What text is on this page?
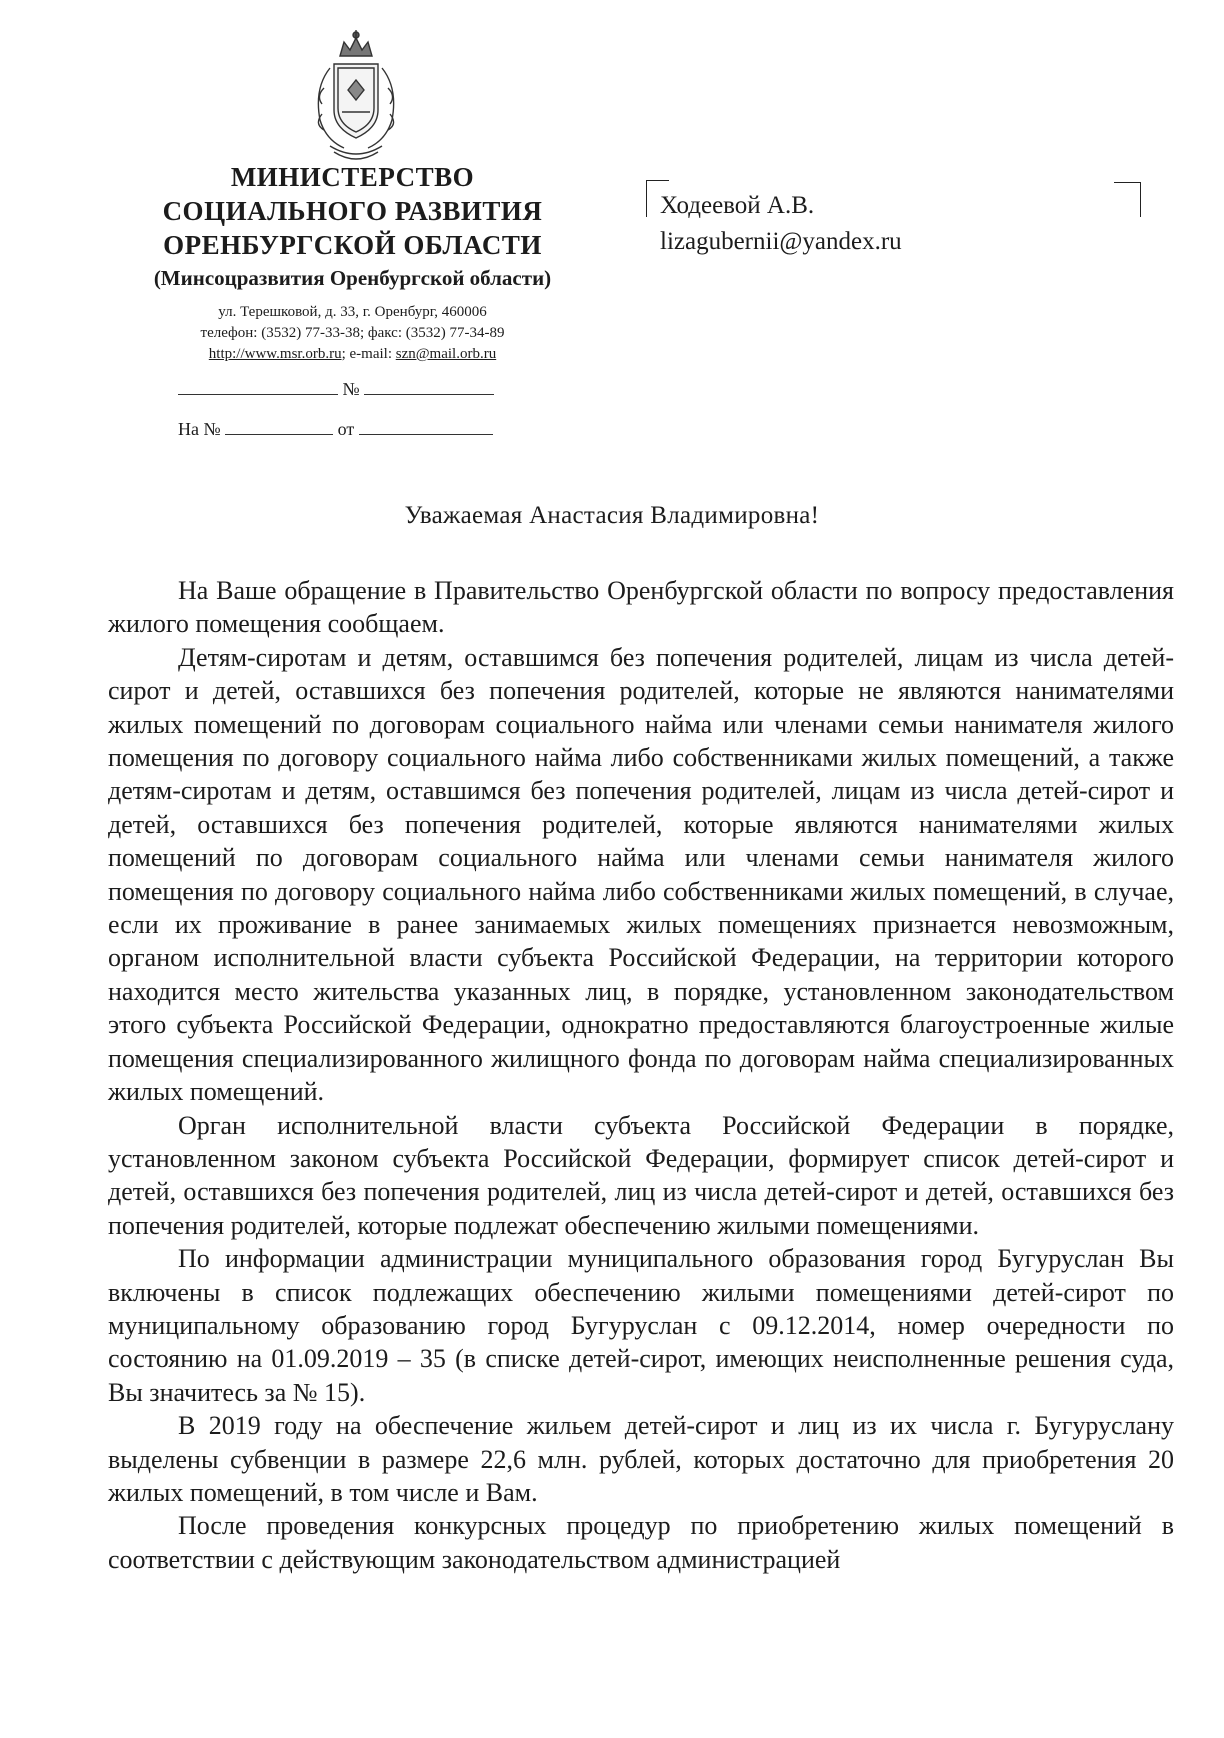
МИНИСТЕРСТВО
СОЦИАЛЬНОГО РАЗВИТИЯ
ОРЕНБУРГСКОЙ ОБЛАСТИ
(Минсоцразвития Оренбургской области)
ул. Терешковой, д. 33, г. Оренбург, 460006
телефон: (3532) 77-33-38; факс: (3532) 77-34-89
http://www.msr.orb.ru; e-mail: szn@mail.orb.ru
№
На №	от
Ходеевой А.В.
lizagubernii@yandex.ru
Уважаемая Анастасия Владимировна!

На Ваше обращение в Правительство Оренбургской области по вопросу предоставления жилого помещения сообщаем.

Детям-сиротам и детям, оставшимся без попечения родителей, лицам из числа детей-сирот и детей, оставшихся без попечения родителей, которые не являются нанимателями жилых помещений по договорам социального найма или членами семьи нанимателя жилого помещения по договору социального найма либо собственниками жилых помещений, а также детям-сиротам и детям, оставшимся без попечения родителей, лицам из числа детей-сирот и детей, оставшихся без попечения родителей, которые являются нанимателями жилых помещений по договорам социального найма или членами семьи нанимателя жилого помещения по договору социального найма либо собственниками жилых помещений, в случае, если их проживание в ранее занимаемых жилых помещениях признается невозможным, органом исполнительной власти субъекта Российской Федерации, на территории которого находится место жительства указанных лиц, в порядке, установленном законодательством этого субъекта Российской Федерации, однократно предоставляются благоустроенные жилые помещения специализированного жилищного фонда по договорам найма специализированных жилых помещений.

Орган исполнительной власти субъекта Российской Федерации в порядке, установленном законом субъекта Российской Федерации, формирует список детей-сирот и детей, оставшихся без попечения родителей, лиц из числа детей-сирот и детей, оставшихся без попечения родителей, которые подлежат обеспечению жилыми помещениями.

По информации администрации муниципального образования город Бугуруслан Вы включены в список подлежащих обеспечению жилыми помещениями детей-сирот по муниципальному образованию город Бугуруслан с 09.12.2014, номер очередности по состоянию на 01.09.2019 – 35 (в списке детей-сирот, имеющих неисполненные решения суда, Вы значитесь за № 15).

В 2019 году на обеспечение жильем детей-сирот и лиц из их числа г. Бугуруслану выделены субвенции в размере 22,6 млн. рублей, которых достаточно для приобретения 20 жилых помещений, в том числе и Вам.

После проведения конкурсных процедур по приобретению жилых помещений в соответствии с действующим законодательством администрацией
